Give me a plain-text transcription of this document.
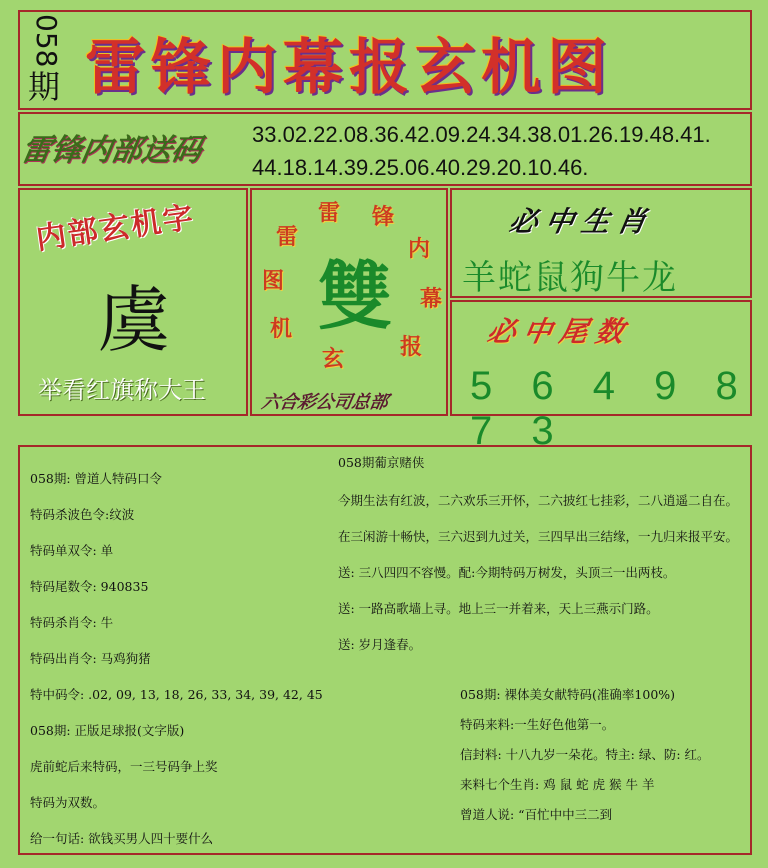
058
期 雷锋内幕报玄机图
雷锋内部送码 33.02.22.08.36.42.09.24.34.38.01.26.19.48.41.
44.18.14.39.25.06.40.29.20.10.46.
内部玄机字
虞
举看红旗称大王
雷 锋
内
幕
报
玄
机
图
雷
雙
六合彩公司总部
必中生肖
羊蛇鼠狗牛龙
必中尾数
5 6 4 9 8 7 3
058期: 曾道人特码口令
特码杀波色令:纹波
特码单双令: 单
特码尾数令: 940835
特码杀肖令: 牛
特码出肖令: 马鸡狗猪
特中码令: .02, 09, 13, 18, 26, 33, 34, 39, 42, 45
058期: 正版足球报(文字版)
虎前蛇后来特码，一三号码争上奖
特码为双数。
给一句话: 欲钱买男人四十要什么
058期葡京赌侠
今期生法有红波，二六欢乐三开怀，二六披红七挂彩，二八逍遥二自在。
在三闲游十畅快，三六迟到九过关，三四早出三结缘，一九归来报平安。
送: 三八四四不容慢。配:今期特码万树发，头顶三一出两枝。
送: 一路高歌墙上寻。地上三一并着来，天上三燕示门路。
送: 岁月逢春。
058期: 裸体美女献特码(准确率100%)
特码来料:一生好色他第一。
信封料: 十八九岁一朵花。特主: 绿、防: 红。
来料七个生肖: 鸡 鼠 蛇 虎 猴 牛 羊
曾道人说: “百忙中中三二到
